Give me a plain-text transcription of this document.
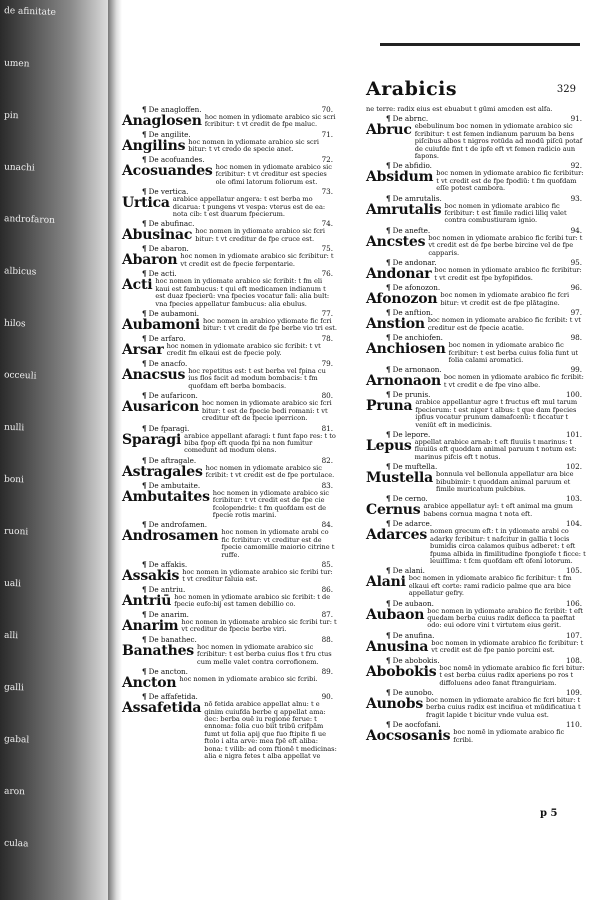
de afinitate
umen
pin
unachi
androfaron
albicus
hilos
occeuli
nulli
boni
ruoni
uali
alli
galli
gabal
aron
culaa
Arabicis	329
70.
¶ De anagloffen.
Anaglosen hoc nomen in ydiomate arabico sic scri fcribitur: t vt credit de fpe maluc.
71.
¶ De angilite.
Angilins hoc nomen in ydiomate arabico sic scri bitur: t vt credo de specie anet.
72.
¶ De acofuandes.
Acosuandes hoc nomen in ydiomate arabico sic fcribitur: t vt creditur est species ole ofimi latorum foliorum est.
73.
¶ De vertica.
Urtica arabice appellatur angera: t est berba mo dicarua: t pungens vt vespa: vterus est de ea: nota cib: t est duarum fpecierum.
74.
¶ De abufinac.
Abusinac hoc nomen in ydiomate arabico sic fcri bitur: t vt creditur de fpe cruce est.
75.
¶ De abaron.
Abaron hoc nomen in ydiomate arabico sic fcribitur: t vt credit est de fpecie ferpentarie.
76.
¶ De acti.
Acti hoc nomen in ydiomate arabico sic fcribit: t fm eli kaui est fambucus: t qui eft medicamen indianum t est duaz fpecierū: vna fpecies vocatur fali: alia bult: vna fpecies appellatur fambucus: alia ebulus.
77.
¶ De aubamoni.
Aubamoni hoc nomen in arabico ydiomate fic fcri bitur: t vt credit de fpe berbe vio tri est.
78.
¶ De arfaro.
Arsar hoc nomen in ydiomate arabico sic fcribit: t vt credit fm elkaui est de fpecie poly.
79.
¶ De anacfo.
Anacsus hoc repetitus est: t est berba vel fpina cu ius flos facit ad modum bombacis: t fm quofdam eft berba bombacis.
80.
¶ De aufaricon.
Ausaricon hoc nomen in ydiomate arabico sic fcri bitur: t est de fpecie bedi romani: t vt creditur eft de fpecie iperricon.
81.
¶ De fparagi.
Sparagi arabice appellant afaragi: t funt fapo res: t to biba fpop eft quoda fpi na non fumitur comedunt ad modum olens.
82.
¶ De aftragale.
Astragales hoc nomen in ydiomate arabico sic fcribit: t vt credit est de fpe portulace.
83.
¶ De ambutaite.
Ambutaites hoc nomen in ydiomate arabico sic fcribitur: t vt credit est de fpe cie fcolopendrie: t fm quofdam est de fpecie rotis marini.
84.
¶ De androfamen.
Androsamen hoc nomen in ydiomate arabi co fic fcribitur: vt creditur est de fpecie camomille maiorio citrine t ruffe.
85.
¶ De affakis.
Assakis hoc nomen in ydiomate arabico sic fcribi tur: t vt creditur faluia est.
86.
¶ De antriu.
Antriū hoc nomen in ydiomate arabico sic fcribit: t de fpecie eufo:bij est tamen debillio co.
87.
¶ De anarim.
Anarim hoc nomen in ydiomate arabico sic fcribi tur: t vt creditur de fpecie berbe viri.
88.
¶ De banathec.
Banathes hoc nomen in ydiomate arabico sic fcribitur: t est berba cuius flos t fru ctus cum melle valet contra corrofionem.
89.
¶ De ancton.
Ancton hoc nomen in ydiomate arabico sic fcribi.
90.
¶ De affafetida.
Assafetida nō fetida arabice appellat alnu: t e ginim cuiufda berbe q appellat ama: dec: berba ouē iu regione ferue: t ennoma: folia cuo biit tribū crifpām fumt ut folia apij que fuo ftipite fi ue ftolo i alta arve: mea fpē eft aliba: bona: t vilib: ad com ftionē t medicinas: alia e nigra fetes t alba appellat ve
ne terre: radix eius est ebuabut t gūmi amcden est alfa.
91.
¶ De abrnc.
Abruc ebebulinum boc nomen in ydiomate arabico sic fcribitur: t est femen indianum paruum ba bens piſcibus albos t nigros rotūda ad modū piſcū potaf de cuiufde fint t de ipfe eft vt femen radicio aun fapons.
92.
¶ De abfidio.
Absidum boc nomen in ydiomate arabico fic fcribitur: t vt credit est de fpe fpodiū: t fm quofdam eſſe potest cambora.
93.
¶ De amrutalis.
Amrutalis boc nomen in ydiomate arabico fic fcribitur: t est fimile radici liliq valet contra combustiuram ignio.
94.
¶ De anefte.
Ancstes boc nomen in ydiomate arabico fic fcribi tur: t vt credit est de fpe berbe bircine vel de fpe capparis.
95.
¶ De andonar.
Andonar boc nomen in ydiomate arabico fic fcribitur: t vt credit est fpe byfopifidos.
96.
¶ De afonozon.
Afonozon boc nomen in ydiomate arabico fic fcri bitur: vt credit est de fpe plātagine.
97.
¶ De anftion.
Anstion boc nomen in ydiomate arabico fic fcribit: t vt creditur est de fpecie acatie.
98.
¶ De anchiofen.
Anchiosen boc nomen in ydiomate arabico fic fcribitur: t est berba cuius folia funt ut folia calami aromatici.
99.
¶ De arnonaon.
Arnonaon boc nomen in ydiomate arabico fic fcribit: t vt credit e de fpe vino albe.
100.
¶ De prunis.
Pruna arabice appellantur agre t fructus eft mul tarum fpecierum: t est niger t albus: t que dam fpecies ipfius vocatur prunum damafcenū: t ficcatur t veniūt eft in medicinis.
101.
¶ De lepore.
Lepus appellat arabice arnab: t eft fluuiis t marinus: t fluuiūs eft quoddam animal paruum t notum est: marinus pifcis eft t notus.
102.
¶ De muftella.
Mustella bonnula vel bellonula appellatur ara bice bibubimir: t quoddam animal paruum et fimile muricatum pulcbius.
103.
¶ De cerno.
Cernus arabice appellatur ayl: t eft animal ma gnum babens cornua magna t nota eft.
104.
¶ De adarce.
Adarces nomen grecum eft: t in ydiomate arabi co adarky fcribitur: t nafcitur in gallia t locis bumidis circa calamos quibus adberet: t eft fpuma albida in fimilitudine fpongiofe t ficce: t leuiſſima: t fcm quofdam eft ofeni lotorum.
105.
¶ De alani.
Alani boc nomen in ydiomate arabico fic fcribitur: t fm elkaui eft corte: rami radicio palme que ara bice appellatur gefry.
106.
¶ De aubaon.
Aubaon boc nomen in ydiomate arabico fic fcribit: t eft quedam berba cuius radix deficca ta paeftat odo: eui odore vini t virtutem eius gerit.
107.
¶ De anufina.
Anusina boc nomen in ydiomate arabico fic fcribitur: t vt credit est de fpe panio porcini est.
108.
¶ De abobokis.
Abobokis boc nomē in ydiomate arabico fic fcri bitur: t est berba cuius radix aperiens po ros t diffoluens adeo fanat ftranguiriam.
109.
¶ De aunobo.
Aunobs boc nomen in ydiomate arabico fic fcri bitur: t berba cuius radix est incifiua et mūdificatiua t fragit lapide t bicitur vnde vulua est.
110.
¶ De aocfofani.
Aocsosanis boc nomē in ydiomate arabico fic fcribi.
p 5
